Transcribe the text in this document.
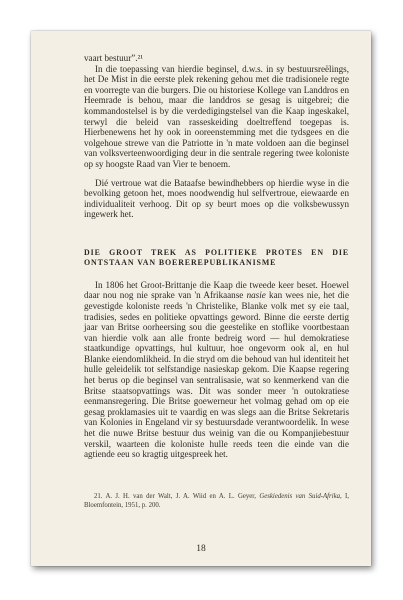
vaart bestuurˮ.²¹

In die toepassing van hierdie beginsel, d.w.s. in sy bestuursreëlings, het De Mist in die eerste plek rekening gehou met die tradisionele regte en voorregte van die burgers. Die ou historiese Kollege van Landdros en Heemrade is behou, maar die landdros se gesag is uitgebrei; die kommandostelsel is by die verdedigingstelsel van die Kaap ingeskakel, terwyl die beleid van rasseskeiding doeltreffend toegepas is. Hierbenewens het hy ook in ooreenstemming met die tydsgees en die volgehoue strewe van die Patriotte in 'n mate voldoen aan die beginsel van volksverteenwoordiging deur in die sentrale regering twee koloniste op sy hoogste Raad van Vier te benoem.

Dié vertroue wat die Bataafse bewindhebbers op hierdie wyse in die bevolking getoon het, moes noodwendig hul selfvertroue, eiewaarde en individualiteit verhoog. Dit op sy beurt moes op die volksbewussyn ingewerk het.

DIE GROOT TREK AS POLITIEKE PROTES EN DIE ONTSTAAN VAN BOEREREPUBLIKANISME

In 1806 het Groot-Brittanje die Kaap die tweede keer beset. Hoewel daar nou nog nie sprake van 'n Afrikaanse nasie kan wees nie, het die gevestigde koloniste reeds 'n Christelike, Blanke volk met sy eie taal, tradisies, sedes en politieke opvattings geword. Binne die eerste dertig jaar van Britse oorheersing sou die geestelike en stoflike voortbestaan van hierdie volk aan alle fronte bedreig word — hul demokratiese staatkundige opvattings, hul kultuur, hoe ongevorm ook al, en hul Blanke eiendomlikheid. In die stryd om die behoud van hul identiteit het hulle geleidelik tot selfstandige nasieskap gekom. Die Kaapse regering het berus op die beginsel van sentralisasie, wat so kenmerkend van die Britse staatsopvattings was. Dit was sonder meer 'n outokratiese eenmansregering. Die Britse goewerneur het volmag gehad om op eie gesag proklamasies uit te vaardig en was slegs aan die Britse Sekretaris van Kolonies in Engeland vir sy bestuursdade verantwoordelik. In wese het die nuwe Britse bestuur dus weinig van die ou Kompanjiebestuur verskil, waarteen die koloniste hulle reeds teen die einde van die agtiende eeu so kragtig uitgespreek het.

21. A. J. H. van der Walt, J. A. Wiid en A. L. Geyer, Geskiedenis van Suid-Afrika, I, Bloemfontein, 1951, p. 200.

18
